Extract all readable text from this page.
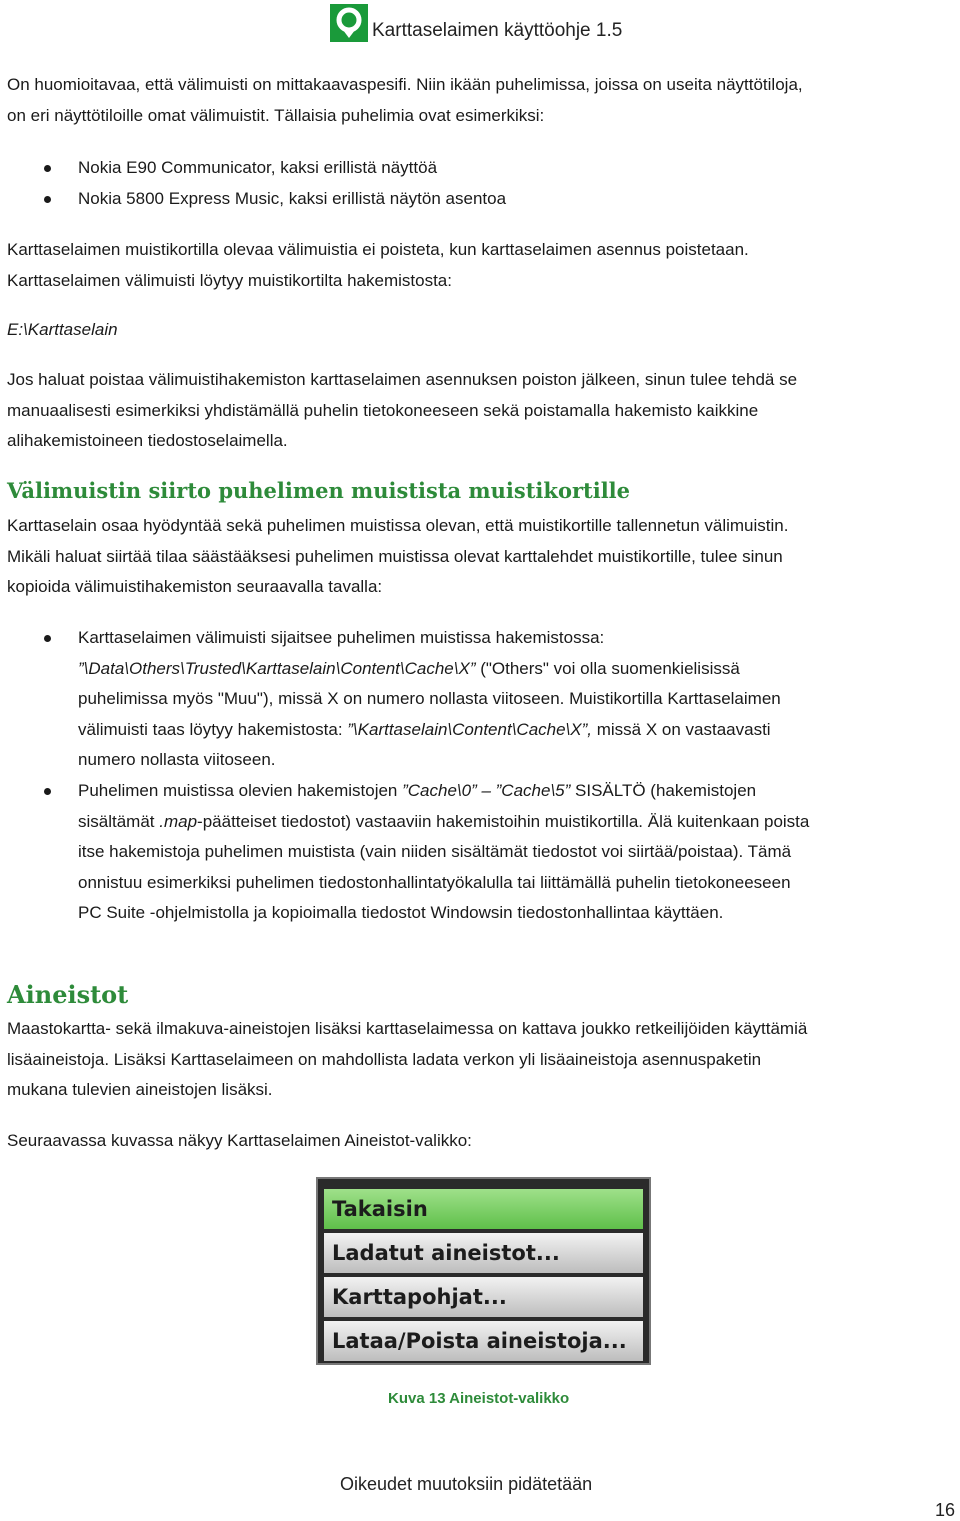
Karttaselaimen käyttöohje 1.5
On huomioitavaa, että välimuisti on mittakaavaspesifi. Niin ikään puhelimissa, joissa on useita näyttötiloja,
on eri näyttötiloille omat välimuistit. Tällaisia puhelimia ovat esimerkiksi:
Nokia E90 Communicator, kaksi erillistä näyttöä
Nokia 5800 Express Music, kaksi erillistä näytön asentoa
Karttaselaimen muistikortilla olevaa välimuistia ei poisteta, kun karttaselaimen asennus poistetaan.
Karttaselaimen välimuisti löytyy muistikortilta hakemistosta:
E:\Karttaselain
Jos haluat poistaa välimuistihakemiston karttaselaimen asennuksen poiston jälkeen, sinun tulee tehdä se
manuaalisesti esimerkiksi yhdistämällä puhelin tietokoneeseen sekä poistamalla hakemisto kaikkine
alihakemistoineen tiedostoselaimella.
Välimuistin siirto puhelimen muistista muistikortille
Karttaselain osaa hyödyntää sekä puhelimen muistissa olevan, että muistikortille tallennetun välimuistin.
Mikäli haluat siirtää tilaa säästääksesi puhelimen muistissa olevat karttalehdet muistikortille, tulee sinun
kopioida välimuistihakemiston seuraavalla tavalla:
Karttaselaimen välimuisti sijaitsee puhelimen muistissa hakemistossa:
”\Data\Others\Trusted\Karttaselain\Content\Cache\X” ("Others" voi olla suomenkielisissä
puhelimissa myös "Muu"), missä X on numero nollasta viitoseen. Muistikortilla Karttaselaimen
välimuisti taas löytyy hakemistosta: ”\Karttaselain\Content\Cache\X”, missä X on vastaavasti
numero nollasta viitoseen.
Puhelimen muistissa olevien hakemistojen ”Cache\0” – ”Cache\5” SISÄLTÖ (hakemistojen
sisältämät .map-päätteiset tiedostot) vastaaviin hakemistoihin muistikortilla. Älä kuitenkaan poista
itse hakemistoja puhelimen muistista (vain niiden sisältämät tiedostot voi siirtää/poistaa). Tämä
onnistuu esimerkiksi puhelimen tiedostonhallintatyökalulla tai liittämällä puhelin tietokoneeseen
PC Suite -ohjelmistolla ja kopioimalla tiedostot Windowsin tiedostonhallintaa käyttäen.
Aineistot
Maastokartta- sekä ilmakuva-aineistojen lisäksi karttaselaimessa on kattava joukko retkeilijöiden käyttämiä
lisäaineistoja. Lisäksi Karttaselaimeen on mahdollista ladata verkon yli lisäaineistoja asennuspaketin
mukana tulevien aineistojen lisäksi.
Seuraavassa kuvassa näkyy Karttaselaimen Aineistot-valikko:
Takaisin
Ladatut aineistot...
Karttapohjat...
Lataa/Poista aineistoja...
Kuva 13 Aineistot-valikko
Oikeudet muutoksiin pidätetään
16
